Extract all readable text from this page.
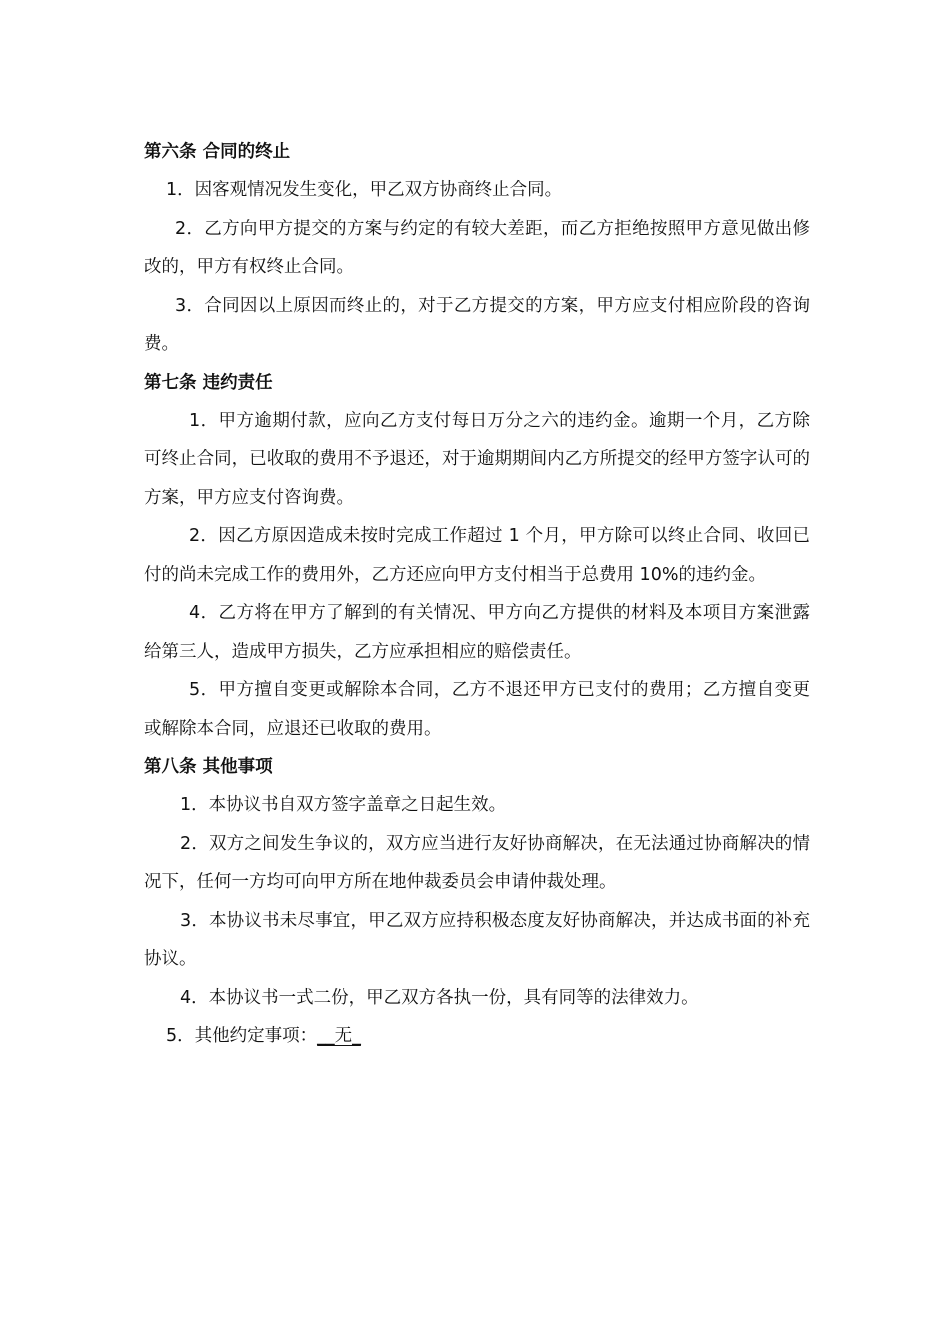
第六条 合同的终止

1．因客观情况发生变化，甲乙双方协商终止合同。

2．乙方向甲方提交的方案与约定的有较大差距，而乙方拒绝按照甲方意见做出修改的，甲方有权终止合同。

3．合同因以上原因而终止的，对于乙方提交的方案，甲方应支付相应阶段的咨询费。

第七条 违约责任

1．甲方逾期付款，应向乙方支付每日万分之六的违约金。逾期一个月，乙方除可终止合同，已收取的费用不予退还，对于逾期期间内乙方所提交的经甲方签字认可的方案，甲方应支付咨询费。

2．因乙方原因造成未按时完成工作超过 1 个月，甲方除可以终止合同、收回已付的尚未完成工作的费用外，乙方还应向甲方支付相当于总费用 10%的违约金。

4．乙方将在甲方了解到的有关情况、甲方向乙方提供的材料及本项目方案泄露给第三人，造成甲方损失，乙方应承担相应的赔偿责任。

5．甲方擅自变更或解除本合同，乙方不退还甲方已支付的费用；乙方擅自变更或解除本合同，应退还已收取的费用。

第八条 其他事项

1．本协议书自双方签字盖章之日起生效。

2．双方之间发生争议的，双方应当进行友好协商解决，在无法通过协商解决的情况下，任何一方均可向甲方所在地仲裁委员会申请仲裁处理。

3．本协议书未尽事宜，甲乙双方应持积极态度友好协商解决，并达成书面的补充协议。

4．本协议书一式二份，甲乙双方各执一份，具有同等的法律效力。

5．其他约定事项：__无_
